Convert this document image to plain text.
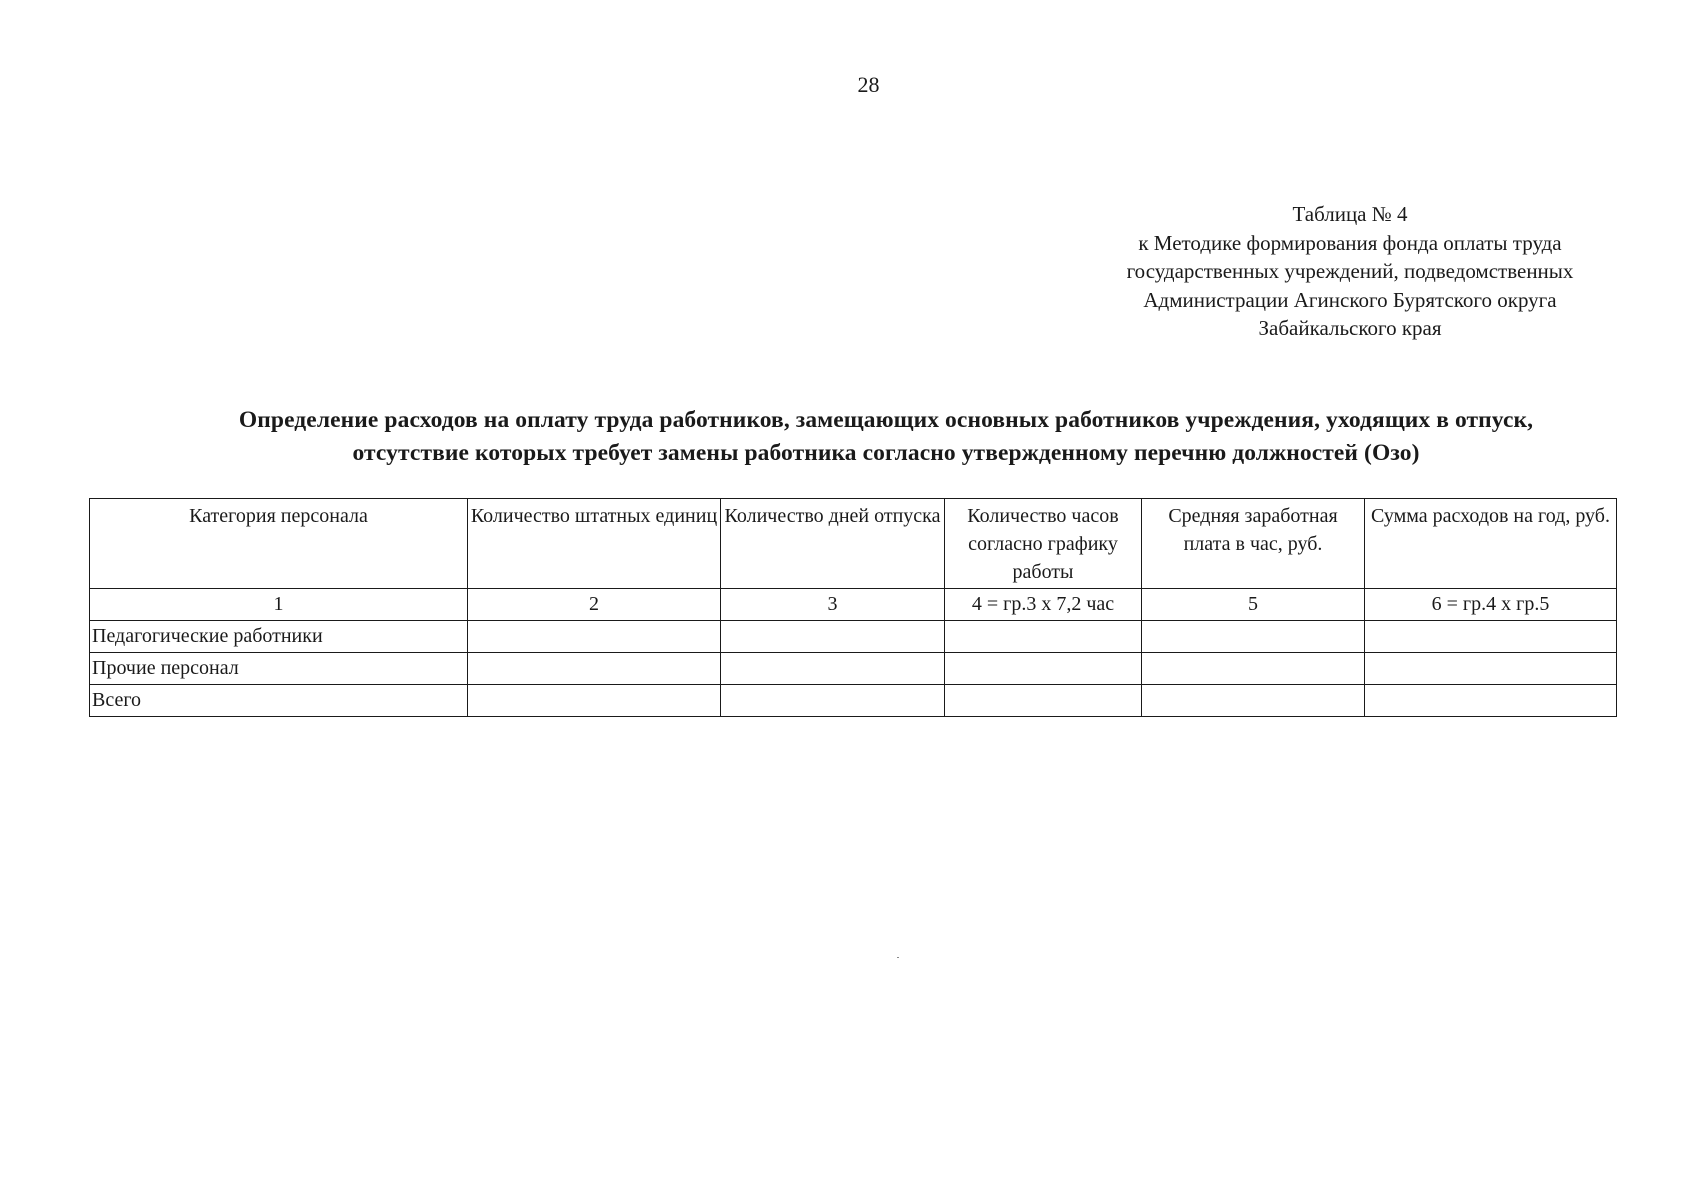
28
Таблица № 4
к Методике формирования фонда оплаты труда
государственных учреждений, подведомственных
Администрации Агинского Бурятского округа
Забайкальского края
Определение расходов на оплату труда работников, замещающих основных работников учреждения, уходящих в отпуск,
отсутствие которых требует замены работника согласно утвержденному перечню должностей (Озо)
Категория персонала	Количество штатных единиц	Количество дней отпуска	Количество часов согласно графику работы	Средняя заработная плата в час, руб.	Сумма расходов на год, руб.
1	2	3	4 = гр.3 х 7,2 час	5	6 = гр.4 х гр.5
Педагогические работники					
Прочие персонал					
Всего					
